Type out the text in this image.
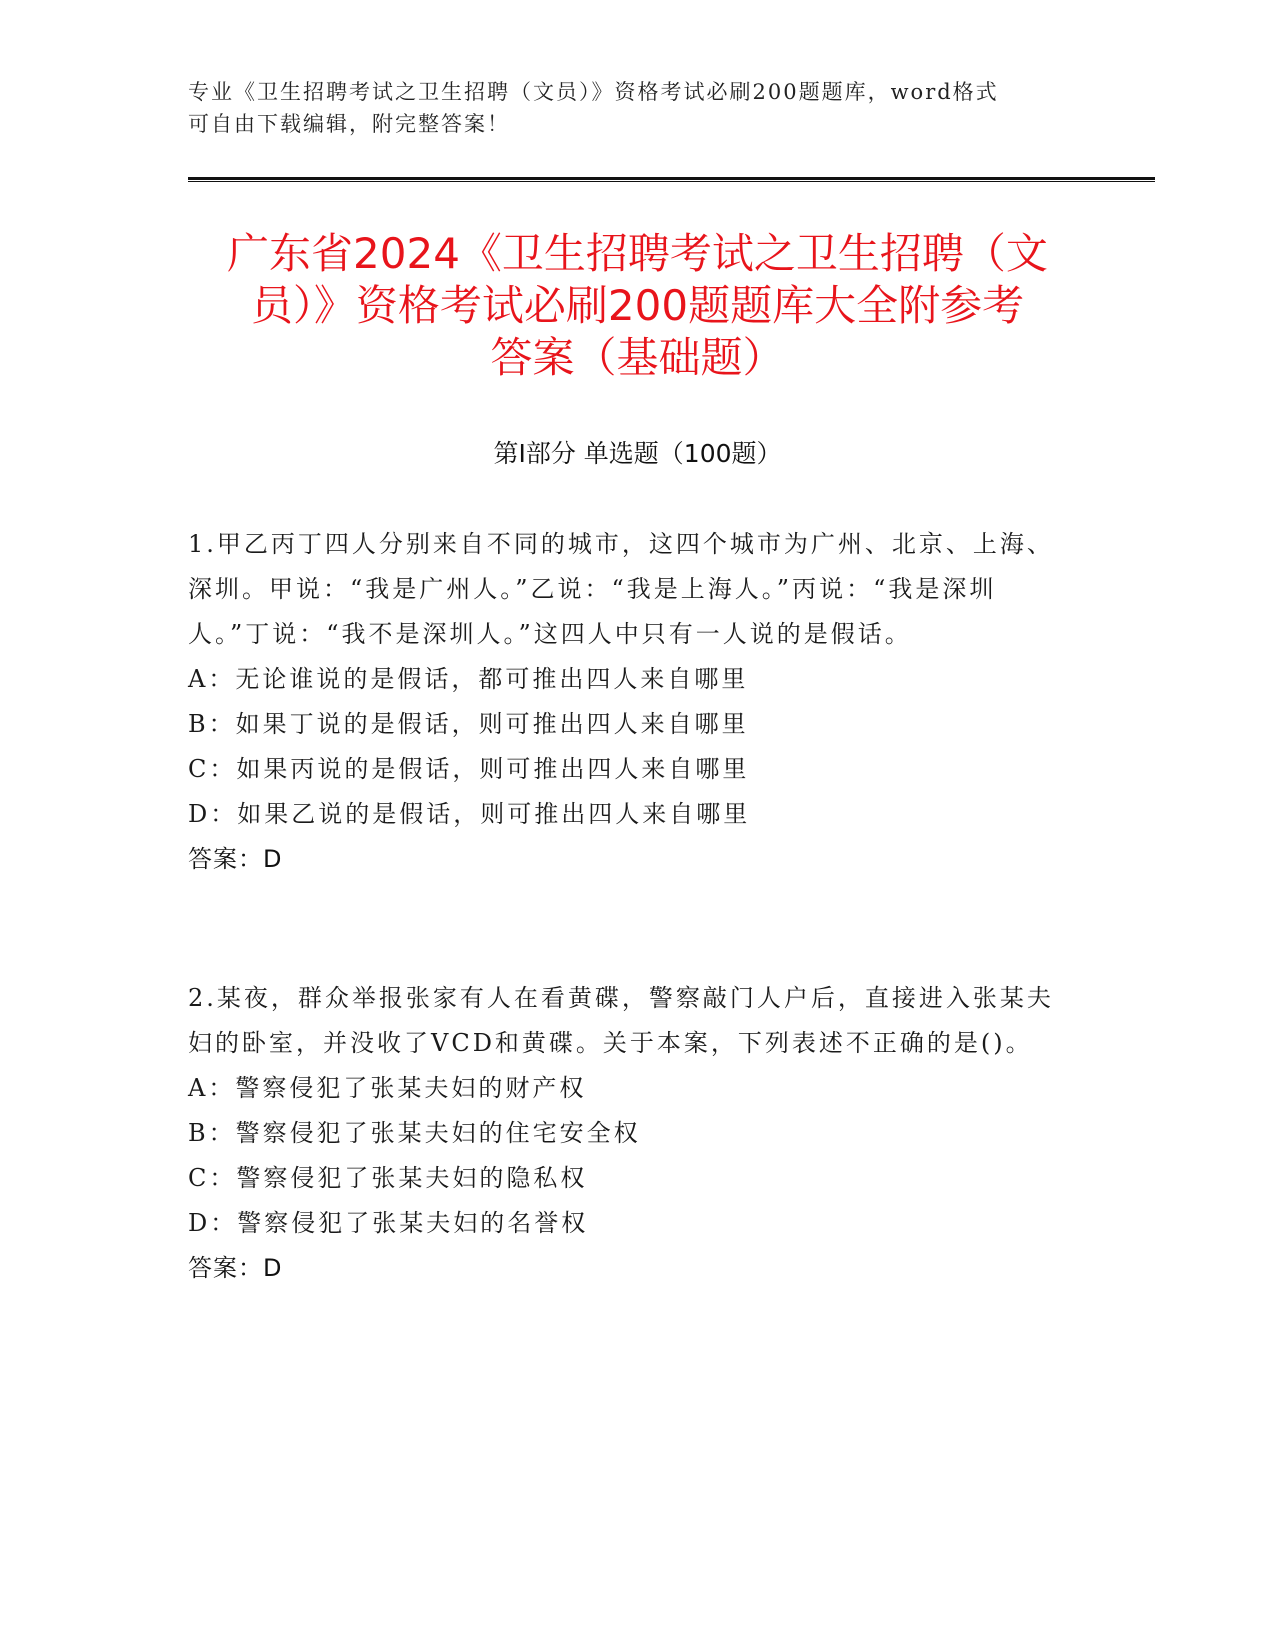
专业《卫生招聘考试之卫生招聘（文员）》资格考试必刷200题题库，word格式
可自由下载编辑，附完整答案！
广东省2024《卫生招聘考试之卫生招聘（文
员）》资格考试必刷200题题库大全附参考
答案（基础题）
第Ⅰ部分 单选题（100题）
1.甲乙丙丁四人分别来自不同的城市，这四个城市为广州、北京、上海、深圳。甲说：“我是广州人。”乙说：“我是上海人。”丙说：“我是深圳人。”丁说：“我不是深圳人。”这四人中只有一人说的是假话。
A：无论谁说的是假话，都可推出四人来自哪里
B：如果丁说的是假话，则可推出四人来自哪里
C：如果丙说的是假话，则可推出四人来自哪里
D：如果乙说的是假话，则可推出四人来自哪里
答案：D
2.某夜，群众举报张家有人在看黄碟，警察敲门人户后，直接进入张某夫妇的卧室，并没收了VCD和黄碟。关于本案，下列表述不正确的是()。
A：警察侵犯了张某夫妇的财产权
B：警察侵犯了张某夫妇的住宅安全权
C：警察侵犯了张某夫妇的隐私权
D：警察侵犯了张某夫妇的名誉权
答案：D
